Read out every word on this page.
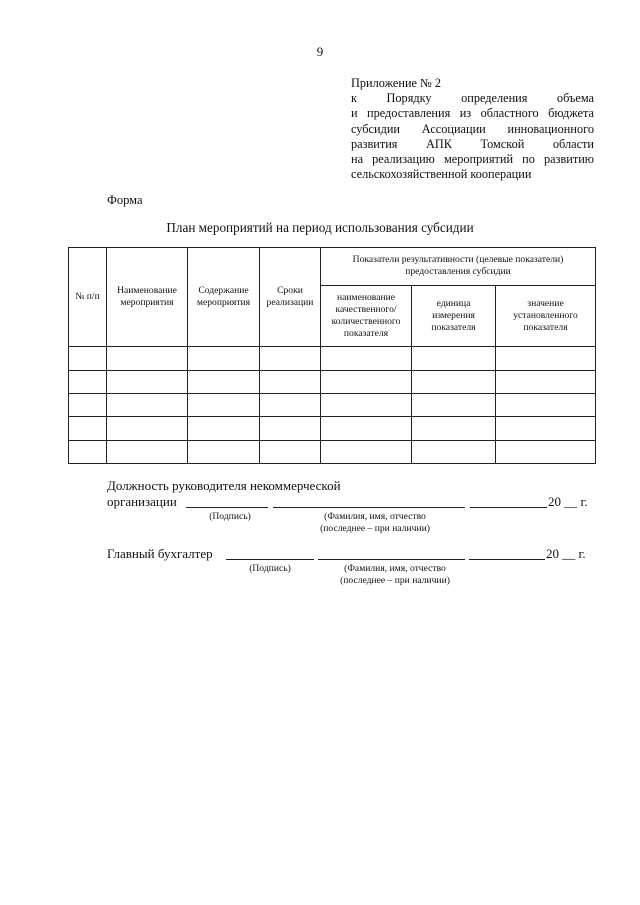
9
Приложение № 2
к Порядку определения объема
и предоставления из областного бюджета
субсидии Ассоциации инновационного
развития АПК Томской области
на реализацию мероприятий по развитию
сельскохозяйственной кооперации
Форма
План мероприятий на период использования субсидии
№ п/п	Наименование мероприятия	Содержание мероприятия	Сроки реализации	Показатели результативности (целевые показатели) предоставления субсидии		
				наименование качественного/ количественного показателя	единица измерения показателя	значение установленного показателя

Должность руководителя некоммерческой
организации	20 __ г.
(Подпись)	(Фамилия, имя, отчество
(последнее – при наличии)
Главный бухгалтер	20 __ г.
(Подпись)	(Фамилия, имя, отчество
(последнее – при наличии)
